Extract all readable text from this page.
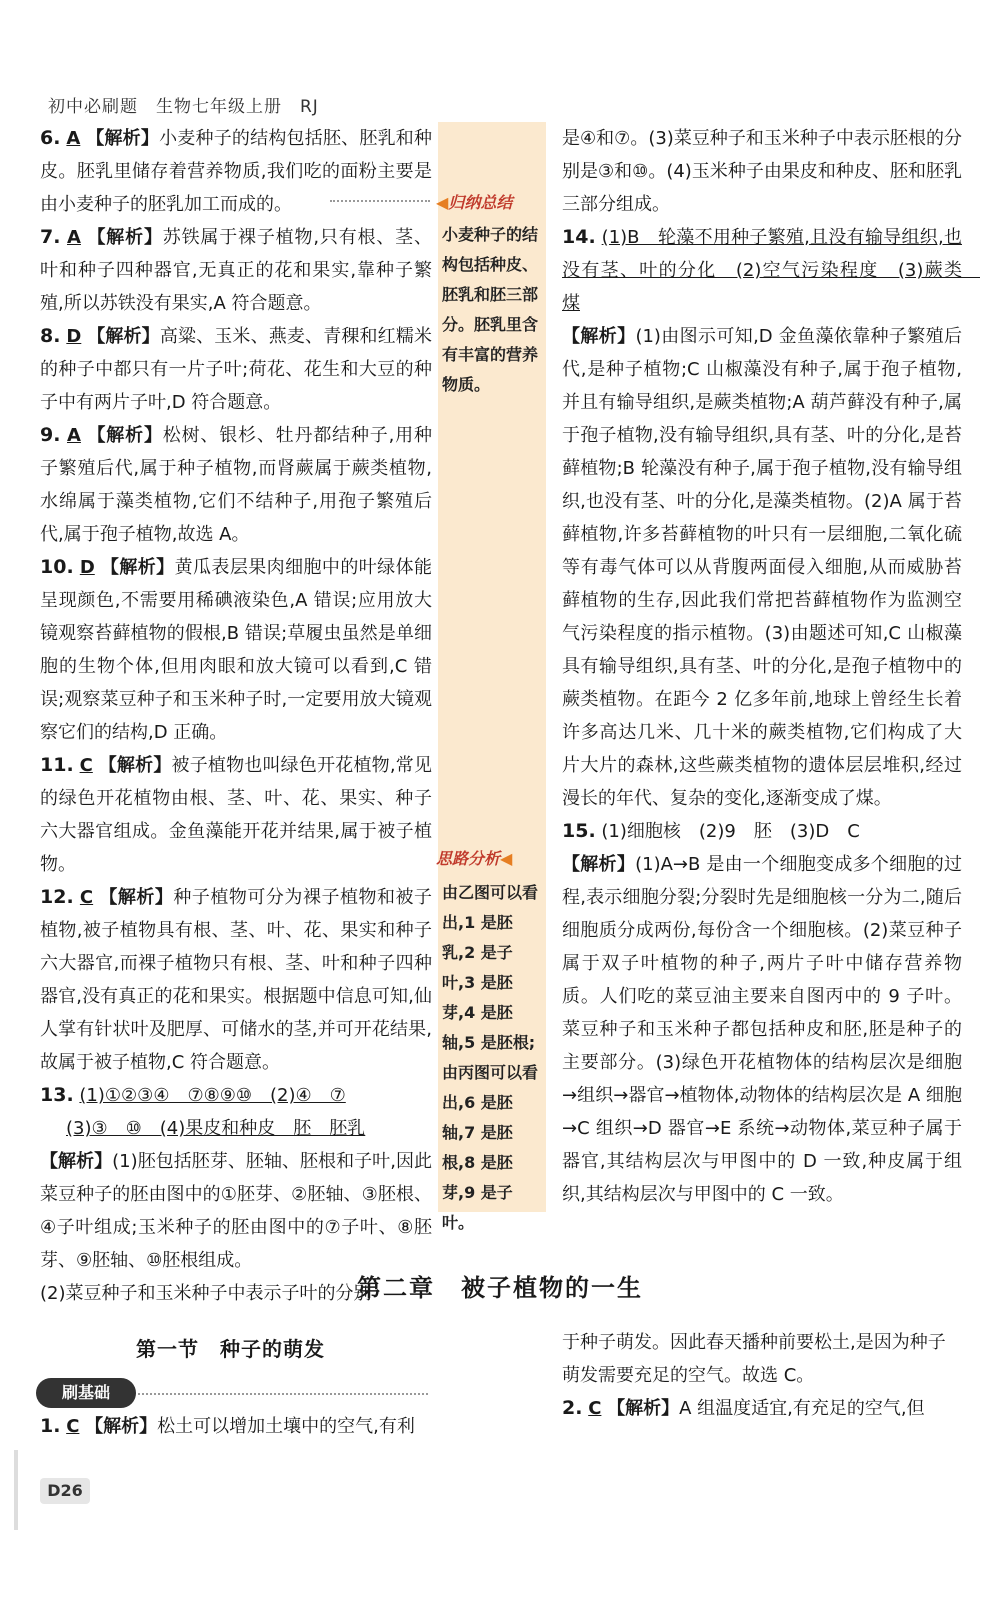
初中必刷题　生物七年级上册　RJ
◀归纳总结
小麦种子的结构包括种皮、胚乳和胚三部分。胚乳里含有丰富的营养物质。
思路分析◀
由乙图可以看出,1 是胚乳,2 是子叶,3 是胚芽,4 是胚轴,5 是胚根;由丙图可以看出,6 是胚轴,7 是胚根,8 是胚芽,9 是子叶。

6. A 【解析】小麦种子的结构包括胚、胚乳和种皮。胚乳里储存着营养物质,我们吃的面粉主要是由小麦种子的胚乳加工而成的。

7. A 【解析】苏铁属于裸子植物,只有根、茎、叶和种子四种器官,无真正的花和果实,靠种子繁殖,所以苏铁没有果实,A 符合题意。

8. D 【解析】高粱、玉米、燕麦、青稞和红糯米的种子中都只有一片子叶;荷花、花生和大豆的种子中有两片子叶,D 符合题意。

9. A 【解析】松树、银杉、牡丹都结种子,用种子繁殖后代,属于种子植物,而肾蕨属于蕨类植物,水绵属于藻类植物,它们不结种子,用孢子繁殖后代,属于孢子植物,故选 A。

10. D 【解析】黄瓜表层果肉细胞中的叶绿体能呈现颜色,不需要用稀碘液染色,A 错误;应用放大镜观察苔藓植物的假根,B 错误;草履虫虽然是单细胞的生物个体,但用肉眼和放大镜可以看到,C 错误;观察菜豆种子和玉米种子时,一定要用放大镜观察它们的结构,D 正确。

11. C 【解析】被子植物也叫绿色开花植物,常见的绿色开花植物由根、茎、叶、花、果实、种子六大器官组成。金鱼藻能开花并结果,属于被子植物。

12. C 【解析】种子植物可分为裸子植物和被子植物,被子植物具有根、茎、叶、花、果实和种子六大器官,而裸子植物只有根、茎、叶和种子四种器官,没有真正的花和果实。根据题中信息可知,仙人掌有针状叶及肥厚、可储水的茎,并可开花结果,故属于被子植物,C 符合题意。

13. (1)①②③④　⑦⑧⑨⑩　(2)④　⑦

(3)③　⑩　(4)果皮和种皮　胚　胚乳

【解析】(1)胚包括胚芽、胚轴、胚根和子叶,因此菜豆种子的胚由图中的①胚芽、②胚轴、③胚根、④子叶组成;玉米种子的胚由图中的⑦子叶、⑧胚芽、⑨胚轴、⑩胚根组成。

(2)菜豆种子和玉米种子中表示子叶的分别

是④和⑦。(3)菜豆种子和玉米种子中表示胚根的分别是③和⑩。(4)玉米种子由果皮和种皮、胚和胚乳三部分组成。

14. (1)B　轮藻不用种子繁殖,且没有输导组织,也没有茎、叶的分化　(2)空气污染程度　(3)蕨类　煤

【解析】(1)由图示可知,D 金鱼藻依靠种子繁殖后代,是种子植物;C 山椒藻没有种子,属于孢子植物,并且有输导组织,是蕨类植物;A 葫芦藓没有种子,属于孢子植物,没有输导组织,具有茎、叶的分化,是苔藓植物;B 轮藻没有种子,属于孢子植物,没有输导组织,也没有茎、叶的分化,是藻类植物。(2)A 属于苔藓植物,许多苔藓植物的叶只有一层细胞,二氧化硫等有毒气体可以从背腹两面侵入细胞,从而威胁苔藓植物的生存,因此我们常把苔藓植物作为监测空气污染程度的指示植物。(3)由题述可知,C 山椒藻具有输导组织,具有茎、叶的分化,是孢子植物中的蕨类植物。在距今 2 亿多年前,地球上曾经生长着许多高达几米、几十米的蕨类植物,它们构成了大片大片的森林,这些蕨类植物的遗体层层堆积,经过漫长的年代、复杂的变化,逐渐变成了煤。

15. (1)细胞核　(2)9　胚　(3)D　C

【解析】(1)A→B 是由一个细胞变成多个细胞的过程,表示细胞分裂;分裂时先是细胞核一分为二,随后细胞质分成两份,每份含一个细胞核。(2)菜豆种子属于双子叶植物的种子,两片子叶中储存营养物质。人们吃的菜豆油主要来自图丙中的 9 子叶。菜豆种子和玉米种子都包括种皮和胚,胚是种子的主要部分。(3)绿色开花植物体的结构层次是细胞→组织→器官→植物体,动物体的结构层次是 A 细胞→C 组织→D 器官→E 系统→动物体,菜豆种子属于器官,其结构层次与甲图中的 D 一致,种皮属于组织,其结构层次与甲图中的 C 一致。

第二章　被子植物的一生
第一节　种子的萌发
刷基础

1. C 【解析】松土可以增加土壤中的空气,有利

于种子萌发。因此春天播种前要松土,是因为种子萌发需要充足的空气。故选 C。

2. C 【解析】A 组温度适宜,有充足的空气,但

D26
